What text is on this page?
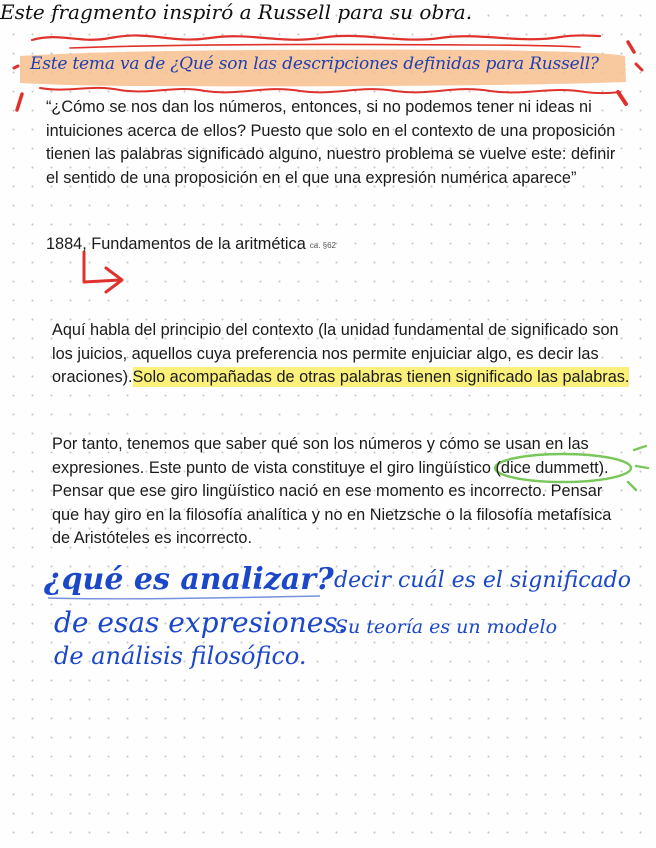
Este tema va de ¿Qué son las descripciones definidas para Russell?
“¿Cómo se nos dan los números, entonces, si no podemos tener ni ideas ni intuiciones acerca de ellos? Puesto que solo en el contexto de una proposición tienen las palabras significado alguno, nuestro problema se vuelve este: definir el sentido de una proposición en el que una expresión numérica aparece”
1884, Fundamentos de la aritmética ca. §62
Este fragmento inspiró a Russell para su obra.
Aquí habla del principio del contexto (la unidad fundamental de significado son los juicios, aquellos cuya preferencia nos permite enjuiciar algo, es decir las oraciones).Solo acompañadas de otras palabras tienen significado las palabras.
Por tanto, tenemos que saber qué son los números y cómo se usan en las expresiones. Este punto de vista constituye el giro lingüístico (dice dummett). Pensar que ese giro lingüístico nació en ese momento es incorrecto. Pensar que hay giro en la filosofía analítica y no en Nietzsche o la filosofía metafísica de Aristóteles es incorrecto.
¿qué es analizar? decir cuál es el significado
de esas expresiones.
Su teoría es un modelo
de análisis filosófico.
